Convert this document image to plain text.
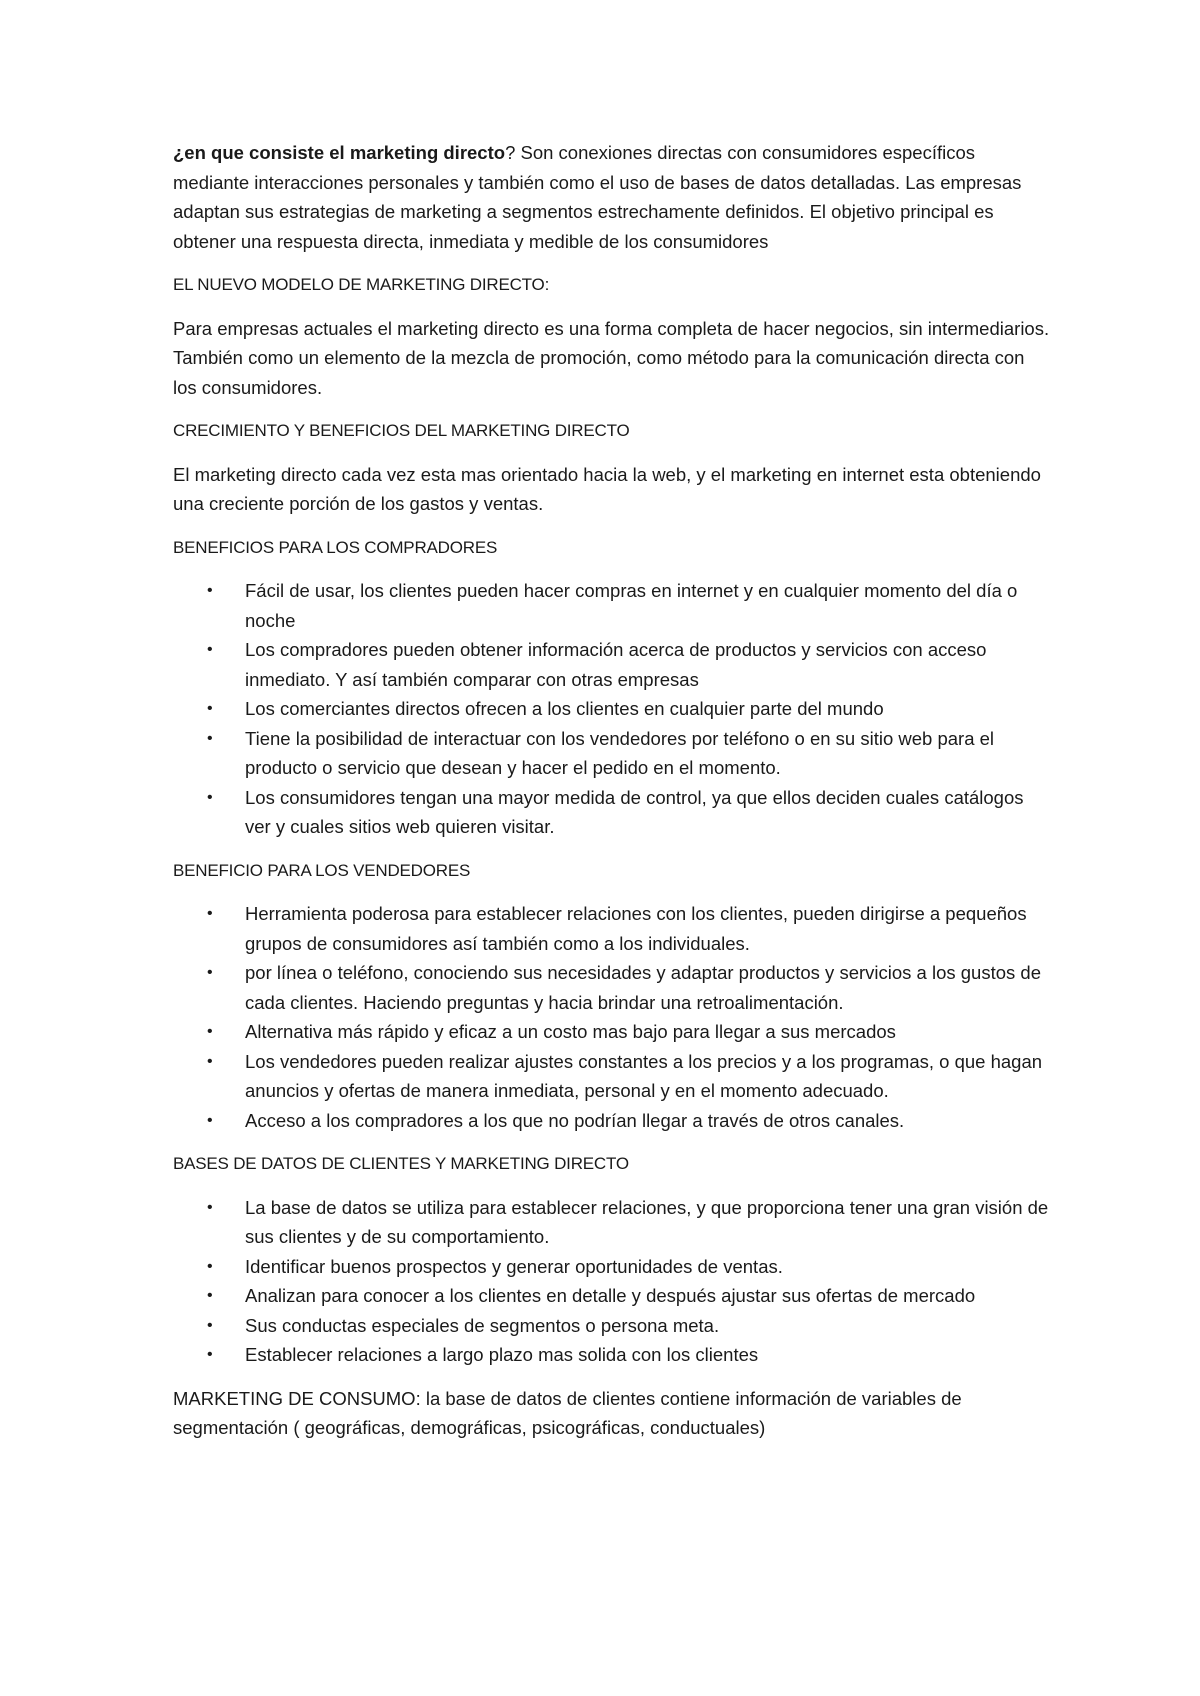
¿en que consiste el marketing directo? Son conexiones directas con consumidores específicos mediante interacciones personales y también como el uso de bases de datos detalladas. Las empresas adaptan sus estrategias de marketing a segmentos estrechamente definidos. El objetivo principal es obtener una respuesta directa, inmediata y medible de los consumidores

EL NUEVO MODELO DE MARKETING DIRECTO:

Para empresas actuales el marketing directo es una forma completa de hacer negocios, sin intermediarios. También como un elemento de la mezcla de promoción, como método para la comunicación directa con los consumidores.

CRECIMIENTO Y BENEFICIOS DEL MARKETING DIRECTO

El marketing directo cada vez esta mas orientado hacia la web, y el marketing en internet esta obteniendo una creciente porción de los gastos y ventas.

BENEFICIOS PARA LOS COMPRADORES

• Fácil de usar, los clientes pueden hacer compras en internet y en cualquier momento del día o noche
• Los compradores pueden obtener información acerca de productos y servicios con acceso inmediato. Y así también comparar con otras empresas
• Los comerciantes directos ofrecen a los clientes en cualquier parte del mundo
• Tiene la posibilidad de interactuar con los vendedores por teléfono o en su sitio web para el producto o servicio que desean y hacer el pedido en el momento.
• Los consumidores tengan una mayor medida de control, ya que ellos deciden cuales catálogos ver y cuales sitios web quieren visitar.

BENEFICIO PARA LOS VENDEDORES

• Herramienta poderosa para establecer relaciones con los clientes, pueden dirigirse a pequeños grupos de consumidores así también como a los individuales.
• por línea o teléfono, conociendo sus necesidades y adaptar productos y servicios a los gustos de cada clientes. Haciendo preguntas y hacia brindar una retroalimentación.
• Alternativa más rápido y eficaz a un costo mas bajo para llegar a sus mercados
• Los vendedores pueden realizar ajustes constantes a los precios y a los programas, o que hagan anuncios y ofertas de manera inmediata, personal y en el momento adecuado.
• Acceso a los compradores a los que no podrían llegar a través de otros canales.

BASES DE DATOS DE CLIENTES Y MARKETING DIRECTO

• La base de datos se utiliza para establecer relaciones, y que proporciona tener una gran visión de sus clientes y de su comportamiento.
• Identificar buenos prospectos y generar oportunidades de ventas.
• Analizan para conocer a los clientes en detalle y después ajustar sus ofertas de mercado
• Sus conductas especiales de segmentos o persona meta.
• Establecer relaciones a largo plazo mas solida con los clientes

MARKETING DE CONSUMO: la base de datos de clientes contiene información de variables de segmentación ( geográficas, demográficas, psicográficas, conductuales)
